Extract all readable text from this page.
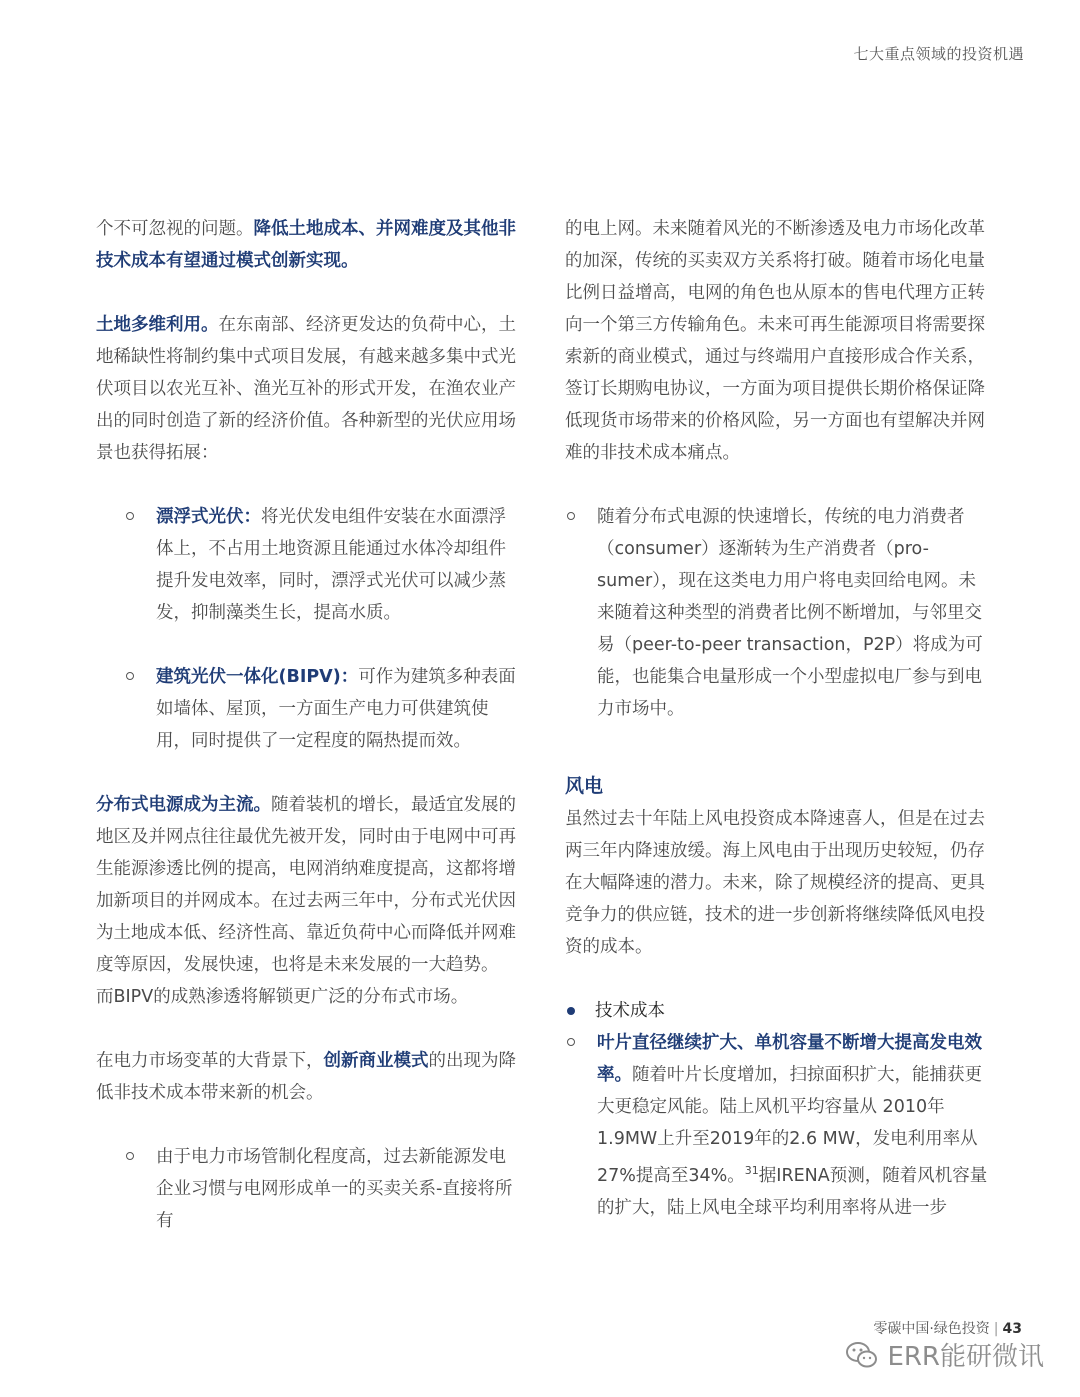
七大重点领域的投资机遇

个不可忽视的问题。降低土地成本、并网难度及其他非技术成本有望通过模式创新实现。

土地多维利用。在东南部、经济更发达的负荷中心，土地稀缺性将制约集中式项目发展，有越来越多集中式光伏项目以农光互补、渔光互补的形式开发，在渔农业产出的同时创造了新的经济价值。各种新型的光伏应用场景也获得拓展：

漂浮式光伏：将光伏发电组件安装在水面漂浮体上，不占用土地资源且能通过水体冷却组件提升发电效率，同时，漂浮式光伏可以减少蒸发，抑制藻类生长，提高水质。
建筑光伏一体化(BIPV)：可作为建筑多种表面如墙体、屋顶，一方面生产电力可供建筑使用，同时提供了一定程度的隔热提而效。

分布式电源成为主流。随着装机的增长，最适宜发展的地区及并网点往往最优先被开发，同时由于电网中可再生能源渗透比例的提高，电网消纳难度提高，这都将增加新项目的并网成本。在过去两三年中，分布式光伏因为土地成本低、经济性高、靠近负荷中心而降低并网难度等原因，发展快速，也将是未来发展的一大趋势。 而BIPV的成熟渗透将解锁更广泛的分布式市场。

在电力市场变革的大背景下，创新商业模式的出现为降低非技术成本带来新的机会。

由于电力市场管制化程度高，过去新能源发电企业习惯与电网形成单一的买卖关系-直接将所有

的电上网。未来随着风光的不断渗透及电力市场化改革的加深，传统的买卖双方关系将打破。随着市场化电量比例日益增高，电网的角色也从原本的售电代理方正转向一个第三方传输角色。未来可再生能源项目将需要探索新的商业模式，通过与终端用户直接形成合作关系，签订长期购电协议，一方面为项目提供长期价格保证降低现货市场带来的价格风险，另一方面也有望解决并网难的非技术成本痛点。

随着分布式电源的快速增长，传统的电力消费者（consumer）逐渐转为生产消费者（pro-sumer），现在这类电力用户将电卖回给电网。未来随着这种类型的消费者比例不断增加，与邻里交易（peer-to-peer transaction，P2P）将成为可能，也能集合电量形成一个小型虚拟电厂参与到电力市场中。
风电

虽然过去十年陆上风电投资成本降速喜人，但是在过去两三年内降速放缓。海上风电由于出现历史较短，仍存在大幅降速的潜力。未来，除了规模经济的提高、更具竞争力的供应链，技术的进一步创新将继续降低风电投资的成本。

技术成本
叶片直径继续扩大、单机容量不断增大提高发电效率。随着叶片长度增加，扫掠面积扩大，能捕获更大更稳定风能。陆上风机平均容量从 2010年1.9MW上升至2019年的2.6 MW，发电利用率从27%提高至34%。$^{31}$据IRENA预测，随着风机容量的扩大，陆上风电全球平均利用率将从进一步
零碳中国·绿色投资 | 43
ERR能研微讯
